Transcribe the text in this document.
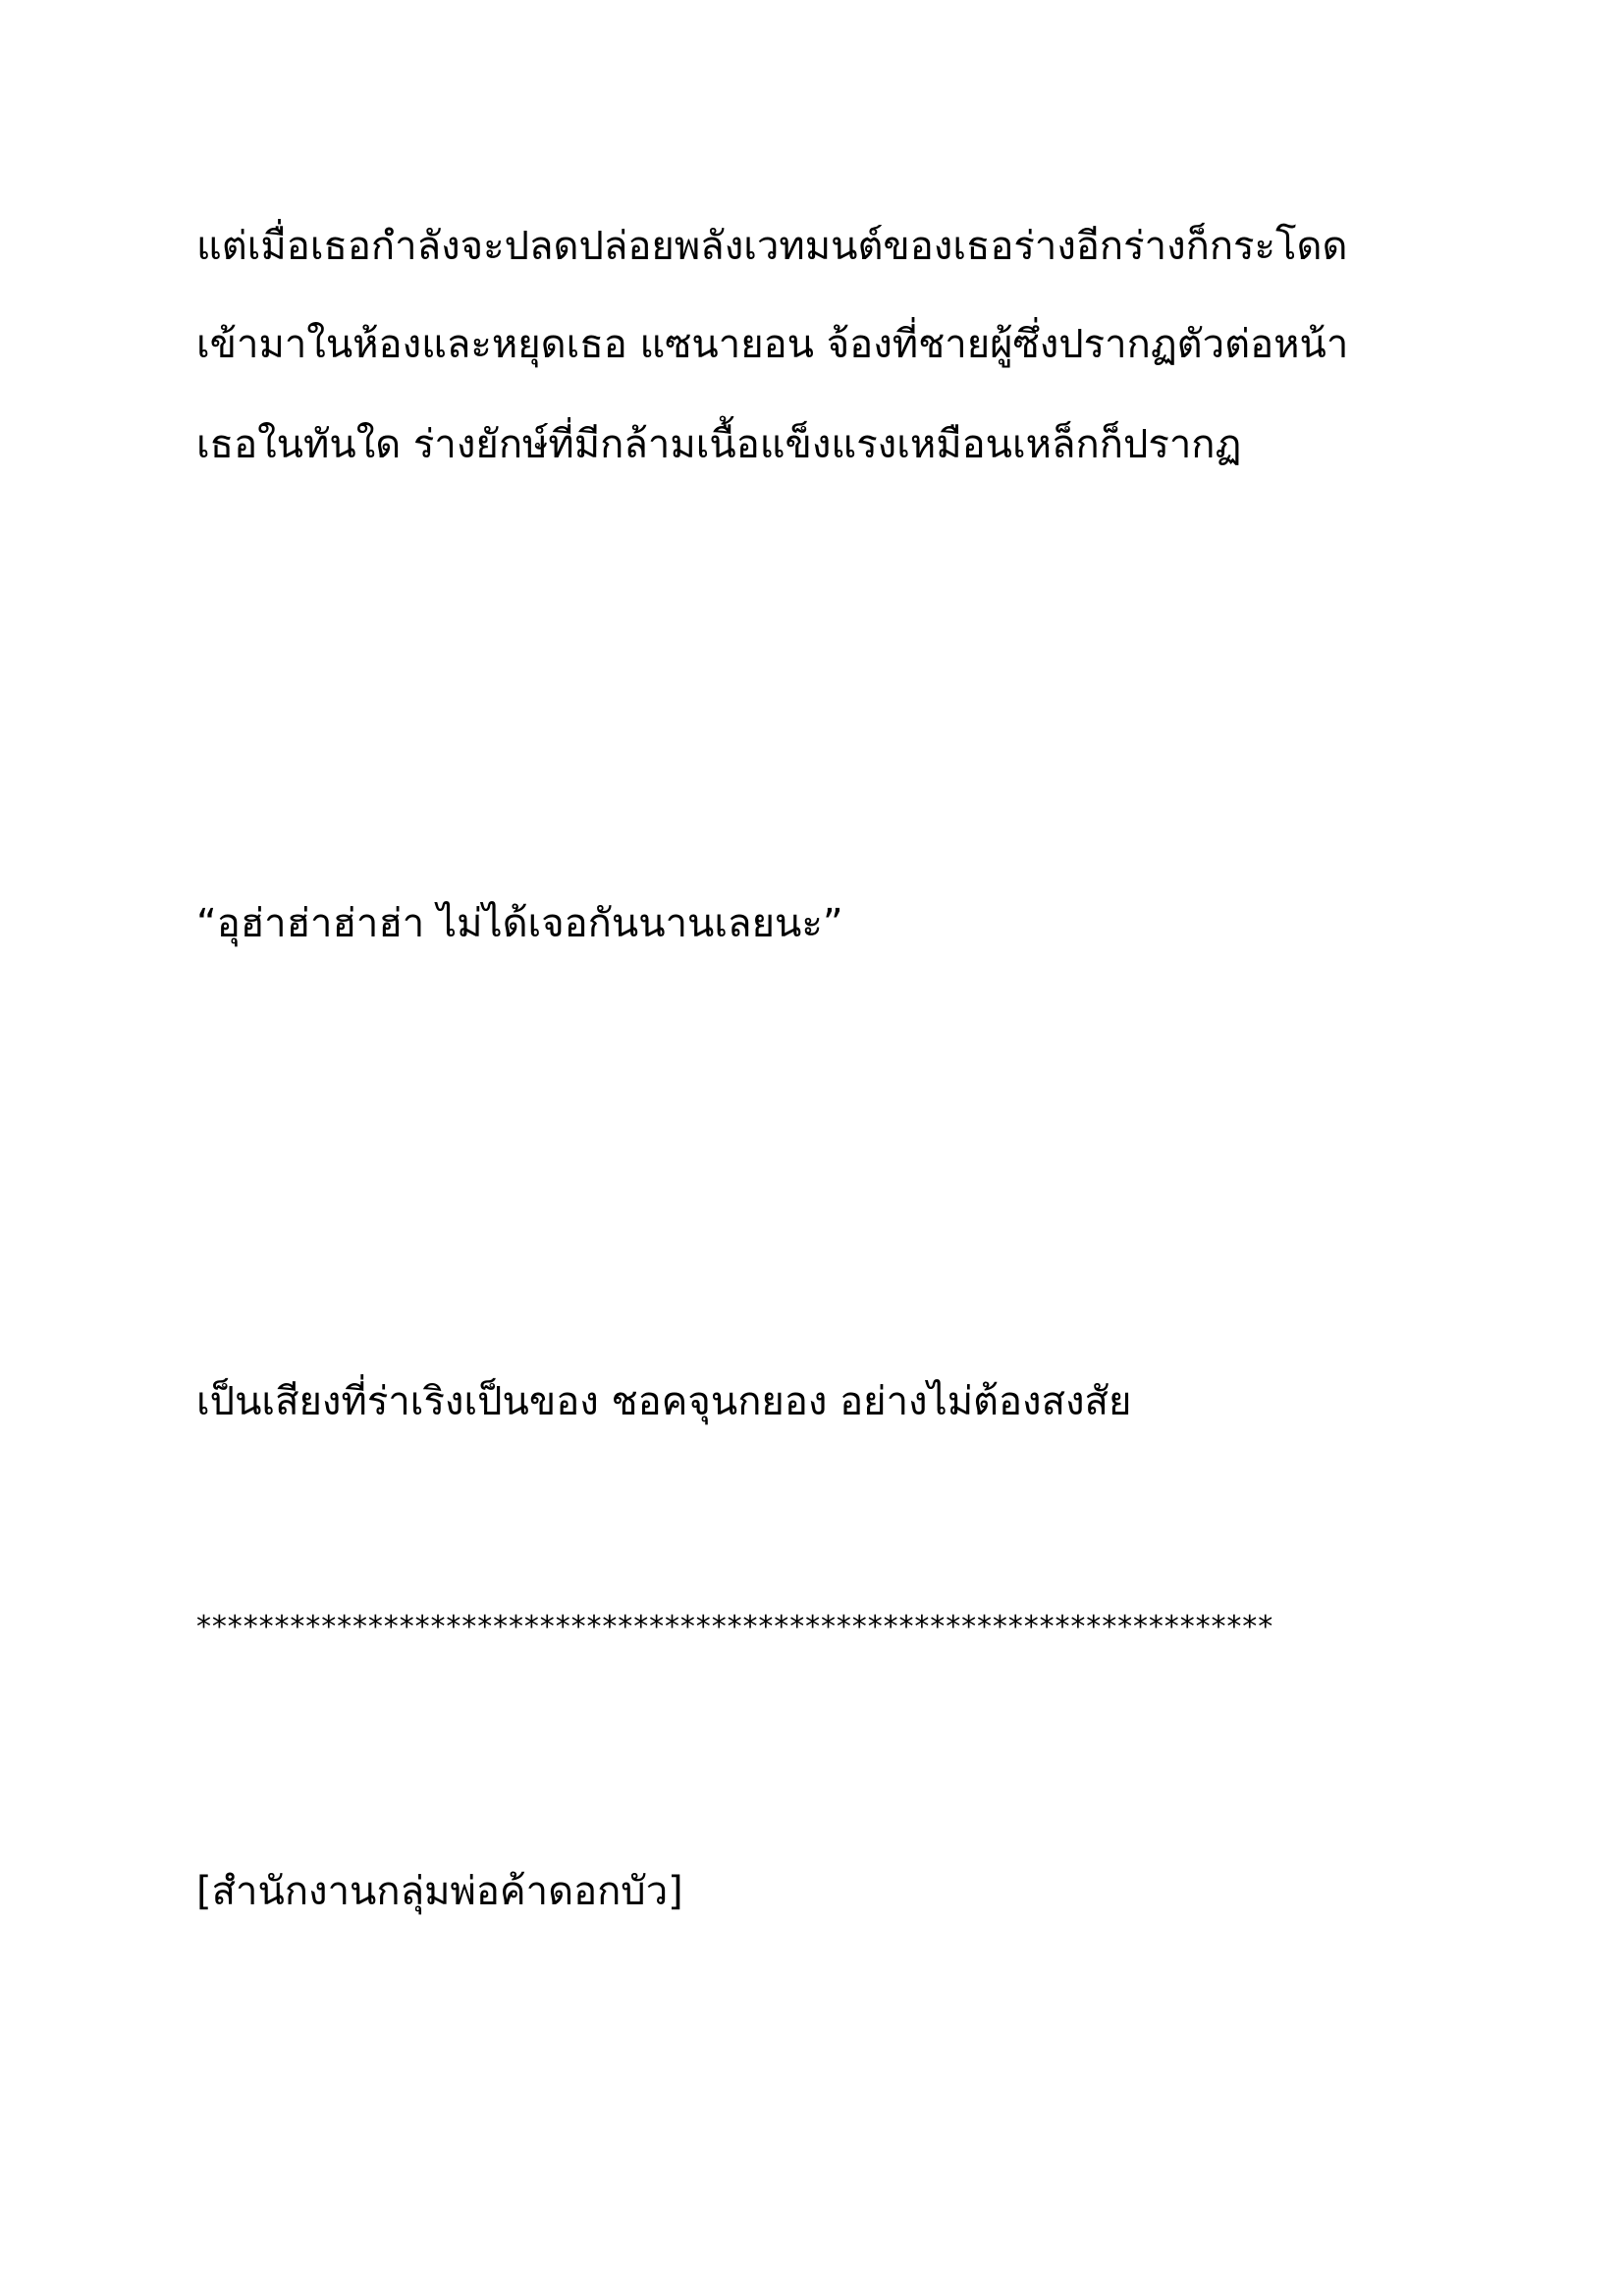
แต่เมื่อเธอกำลังจะปลดปล่อยพลังเวทมนต์ของเธอร่างอีกร่างก็กระโดด

เข้ามาในห้องและหยุดเธอ แซนายอน จ้องที่ชายผู้ซึ่งปรากฏตัวต่อหน้า

เธอในทันใด ร่างยักษ์ที่มีกล้ามเนื้อแข็งแรงเหมือนเหล็กก็ปรากฏ

“อุฮ่าฮ่าฮ่าฮ่า ไม่ได้เจอกันนานเลยนะ”

เป็นเสียงที่ร่าเริงเป็นของ ชอคจุนกยอง อย่างไม่ต้องสงสัย

*********************************************************************

[สำนักงานกลุ่มพ่อค้าดอกบัว]
